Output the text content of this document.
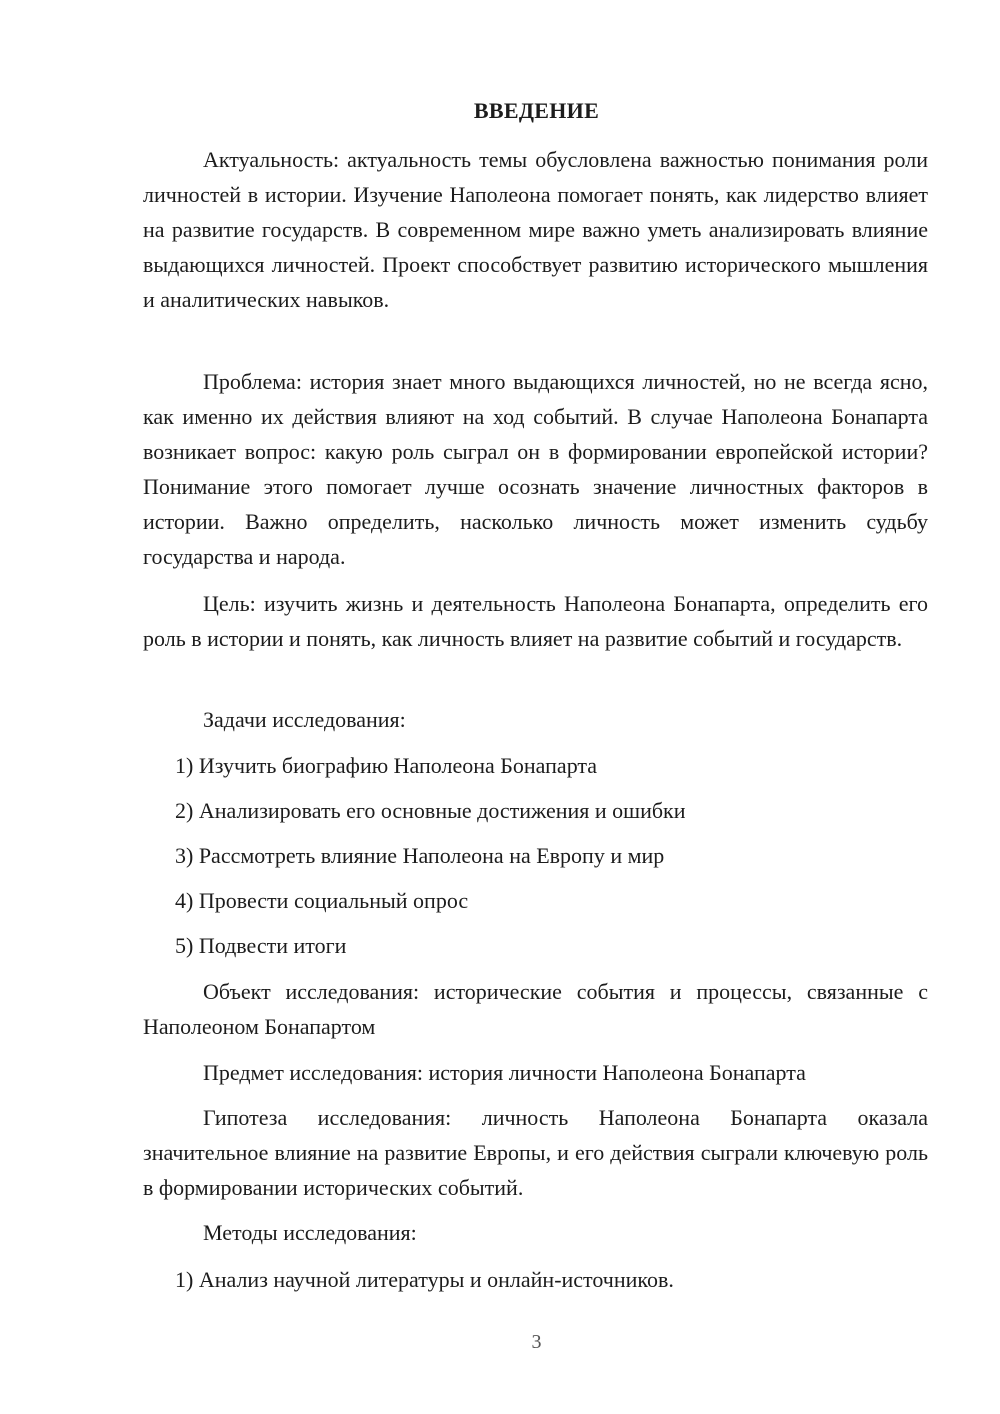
ВВЕДЕНИЕ

Актуальность: актуальность темы обусловлена важностью понимания роли личностей в истории. Изучение Наполеона помогает понять, как лидерство влияет на развитие государств. В современном мире важно уметь анализировать влияние выдающихся личностей. Проект способствует развитию исторического мышления и аналитических навыков.

Проблема: история знает много выдающихся личностей, но не всегда ясно, как именно их действия влияют на ход событий. В случае Наполеона Бонапарта возникает вопрос: какую роль сыграл он в формировании европейской истории? Понимание этого помогает лучше осознать значение личностных факторов в истории. Важно определить, насколько личность может изменить судьбу государства и народа.

Цель: изучить жизнь и деятельность Наполеона Бонапарта, определить его роль в истории и понять, как личность влияет на развитие событий и государств.

Задачи исследования:

1) Изучить биографию Наполеона Бонапарта

2) Анализировать его основные достижения и ошибки

3) Рассмотреть влияние Наполеона на Европу и мир

4) Провести социальный опрос

5) Подвести итоги

Объект исследования: исторические события и процессы, связанные с Наполеоном Бонапартом

Предмет исследования: история личности Наполеона Бонапарта

Гипотеза исследования: личность Наполеона Бонапарта оказала значительное влияние на развитие Европы, и его действия сыграли ключевую роль в формировании исторических событий.

Методы исследования:

1) Анализ научной литературы и онлайн-источников.

3
